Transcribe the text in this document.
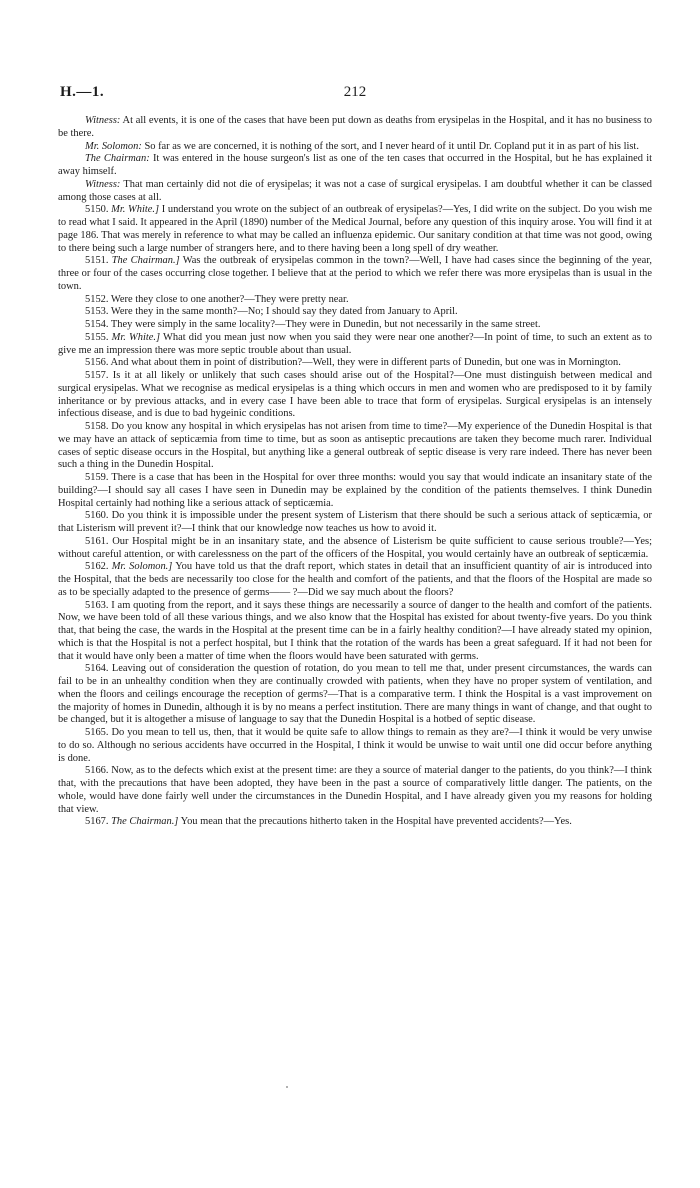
H.—1.	212

Witness: At all events, it is one of the cases that have been put down as deaths from erysipelas in the Hospital, and it has no business to be there.

Mr. Solomon: So far as we are concerned, it is nothing of the sort, and I never heard of it until Dr. Copland put it in as part of his list.

The Chairman: It was entered in the house surgeon's list as one of the ten cases that occurred in the Hospital, but he has explained it away himself.

Witness: That man certainly did not die of erysipelas; it was not a case of surgical erysipelas. I am doubtful whether it can be classed among those cases at all.

5150. Mr. White.] I understand you wrote on the subject of an outbreak of erysipelas?—Yes, I did write on the subject. Do you wish me to read what I said. It appeared in the April (1890) number of the Medical Journal, before any question of this inquiry arose. You will find it at page 186. That was merely in reference to what may be called an influenza epidemic. Our sanitary condition at that time was not good, owing to there being such a large number of strangers here, and to there having been a long spell of dry weather.

5151. The Chairman.] Was the outbreak of erysipelas common in the town?—Well, I have had cases since the beginning of the year, three or four of the cases occurring close together. I believe that at the period to which we refer there was more erysipelas than is usual in the town.

5152. Were they close to one another?—They were pretty near.

5153. Were they in the same month?—No; I should say they dated from January to April.

5154. They were simply in the same locality?—They were in Dunedin, but not necessarily in the same street.

5155. Mr. White.] What did you mean just now when you said they were near one another?—In point of time, to such an extent as to give me an impression there was more septic trouble about than usual.

5156. And what about them in point of distribution?—Well, they were in different parts of Dunedin, but one was in Mornington.

5157. Is it at all likely or unlikely that such cases should arise out of the Hospital?—One must distinguish between medical and surgical erysipelas. What we recognise as medical erysipelas is a thing which occurs in men and women who are predisposed to it by family inheritance or by previous attacks, and in every case I have been able to trace that form of erysipelas. Surgical erysipelas is an intensely infectious disease, and is due to bad hygeinic conditions.

5158. Do you know any hospital in which erysipelas has not arisen from time to time?—My experience of the Dunedin Hospital is that we may have an attack of septicæmia from time to time, but as soon as antiseptic precautions are taken they become much rarer. Individual cases of septic disease occurs in the Hospital, but anything like a general outbreak of septic disease is very rare indeed. There has never been such a thing in the Dunedin Hospital.

5159. There is a case that has been in the Hospital for over three months: would you say that would indicate an insanitary state of the building?—I should say all cases I have seen in Dunedin may be explained by the condition of the patients themselves. I think Dunedin Hospital certainly had nothing like a serious attack of septicæmia.

5160. Do you think it is impossible under the present system of Listerism that there should be such a serious attack of septicæmia, or that Listerism will prevent it?—I think that our knowledge now teaches us how to avoid it.

5161. Our Hospital might be in an insanitary state, and the absence of Listerism be quite sufficient to cause serious trouble?—Yes; without careful attention, or with carelessness on the part of the officers of the Hospital, you would certainly have an outbreak of septicæmia.

5162. Mr. Solomon.] You have told us that the draft report, which states in detail that an insufficient quantity of air is introduced into the Hospital, that the beds are necessarily too close for the health and comfort of the patients, and that the floors of the Hospital are made so as to be specially adapted to the presence of germs—— ?—Did we say much about the floors?

5163. I am quoting from the report, and it says these things are necessarily a source of danger to the health and comfort of the patients. Now, we have been told of all these various things, and we also know that the Hospital has existed for about twenty-five years. Do you think that, that being the case, the wards in the Hospital at the present time can be in a fairly healthy condition?—I have already stated my opinion, which is that the Hospital is not a perfect hospital, but I think that the rotation of the wards has been a great safeguard. If it had not been for that it would have only been a matter of time when the floors would have been saturated with germs.

5164. Leaving out of consideration the question of rotation, do you mean to tell me that, under present circumstances, the wards can fail to be in an unhealthy condition when they are continually crowded with patients, when they have no proper system of ventilation, and when the floors and ceilings encourage the reception of germs?—That is a comparative term. I think the Hospital is a vast improvement on the majority of homes in Dunedin, although it is by no means a perfect institution. There are many things in want of change, and that ought to be changed, but it is altogether a misuse of language to say that the Dunedin Hospital is a hotbed of septic disease.

5165. Do you mean to tell us, then, that it would be quite safe to allow things to remain as they are?—I think it would be very unwise to do so. Although no serious accidents have occurred in the Hospital, I think it would be unwise to wait until one did occur before anything is done.

5166. Now, as to the defects which exist at the present time: are they a source of material danger to the patients, do you think?—I think that, with the precautions that have been adopted, they have been in the past a source of comparatively little danger. The patients, on the whole, would have done fairly well under the circumstances in the Dunedin Hospital, and I have already given you my reasons for holding that view.

5167. The Chairman.] You mean that the precautions hitherto taken in the Hospital have prevented accidents?—Yes.
